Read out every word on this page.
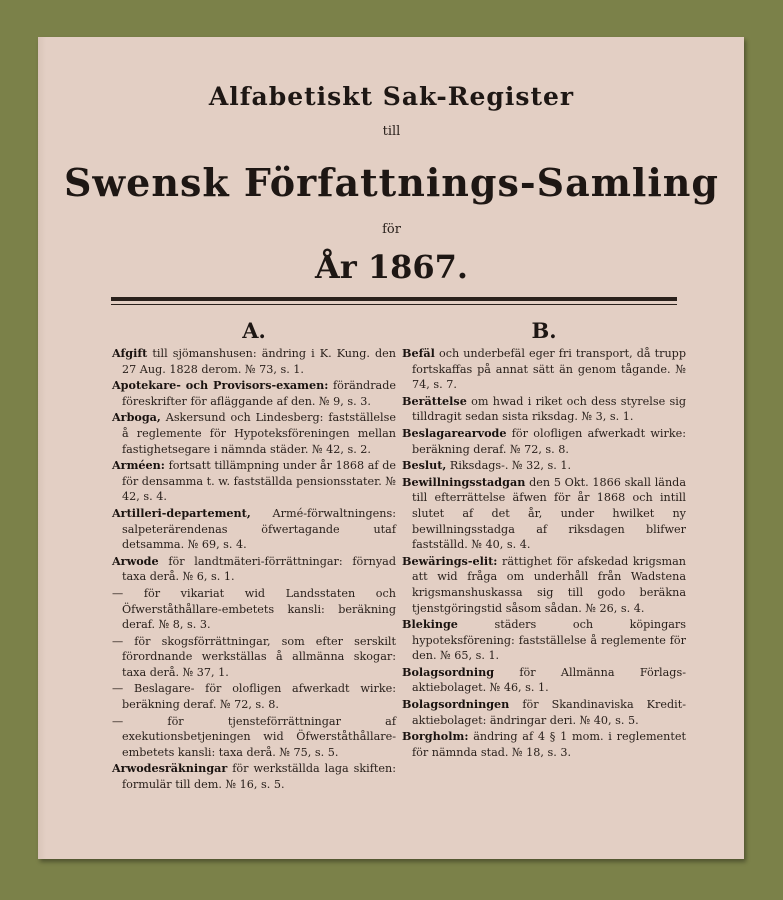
Alfabetiskt Sak-Register
till
Swensk Författnings-Samling
för
År 1867.
A.
Afgift till sjömanshusen: ändring i K. Kung. den 27 Aug. 1828 derom. № 73, s. 1.
Apotekare- och Provisors-examen: förändrade föreskrifter för afläggande af den. № 9, s. 3.
Arboga, Askersund och Lindesberg: fastställelse å reglemente för Hypoteksföreningen mellan fastighetsegare i nämnda städer. № 42, s. 2.
Arméen: fortsatt tillämpning under år 1868 af de för densamma t. w. fastställda pensionsstater. № 42, s. 4.
Artilleri-departement, Armé-förwaltningens: salpeterärendenas öfwertagande utaf detsamma. № 69, s. 4.
Arwode för landtmäteri-förrättningar: förnyad taxa derå. № 6, s. 1.
— för vikariat wid Landsstaten och Öfwerståthållare-embetets kansli: beräkning deraf. № 8, s. 3.
— för skogsförrättningar, som efter serskilt förordnande werkställas å allmänna skogar: taxa derå. № 37, 1.
— Beslagare- för olofligen afwerkadt wirke: beräkning deraf. № 72, s. 8.
— för tjensteförrättningar af exekutionsbetjeningen wid Öfwerståthållare-embetets kansli: taxa derå. № 75, s. 5.
Arwodesräkningar för werkställda laga skiften: formulär till dem. № 16, s. 5.
B.
Befäl och underbefäl eger fri transport, då trupp fortskaffas på annat sätt än genom tågande. № 74, s. 7.
Berättelse om hwad i riket och dess styrelse sig tilldragit sedan sista riksdag. № 3, s. 1.
Beslagarearvode för olofligen afwerkadt wirke: beräkning deraf. № 72, s. 8.
Beslut, Riksdags-. № 32, s. 1.
Bewillningsstadgan den 5 Okt. 1866 skall lända till efterrättelse äfwen för år 1868 och intill slutet af det år, under hwilket ny bewillningsstadga af riksdagen blifwer fastställd. № 40, s. 4.
Bewärings-elit: rättighet för afskedad krigsman att wid fråga om underhåll från Wadstena krigsmanshuskassa sig till godo beräkna tjenstgöringstid såsom sådan. № 26, s. 4.
Blekinge	städers och köpingars hypoteksförening: fastställelse å reglemente för den. № 65, s. 1.
Bolagsordning för Allmänna Förlags-aktiebolaget. № 46, s. 1.
Bolagsordningen för Skandinaviska Kredit-aktiebolaget: ändringar deri. № 40, s. 5.
Borgholm: ändring af 4 § 1 mom. i reglementet för nämnda stad. № 18, s. 3.
